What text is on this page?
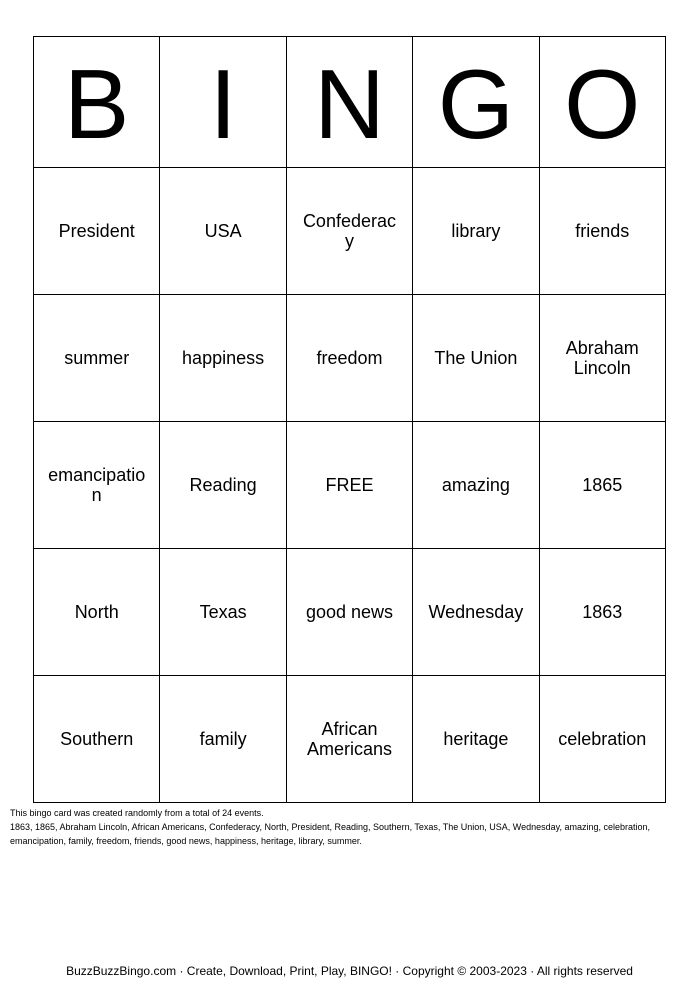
B	I	N	G	O
President	USA	Confederacy	library	friends
summer	happiness	freedom	The Union	Abraham Lincoln
emancipation	Reading	FREE	amazing	1865
North	Texas	good news	Wednesday	1863
Southern	family	African Americans	heritage	celebration
This bingo card was created randomly from a total of 24 events.
1863, 1865, Abraham Lincoln, African Americans, Confederacy, North, President, Reading, Southern, Texas, The Union, USA, Wednesday, amazing, celebration, emancipation, family, freedom, friends, good news, happiness, heritage, library, summer.
BuzzBuzzBingo.com · Create, Download, Print, Play, BINGO! · Copyright © 2003-2023 · All rights reserved
